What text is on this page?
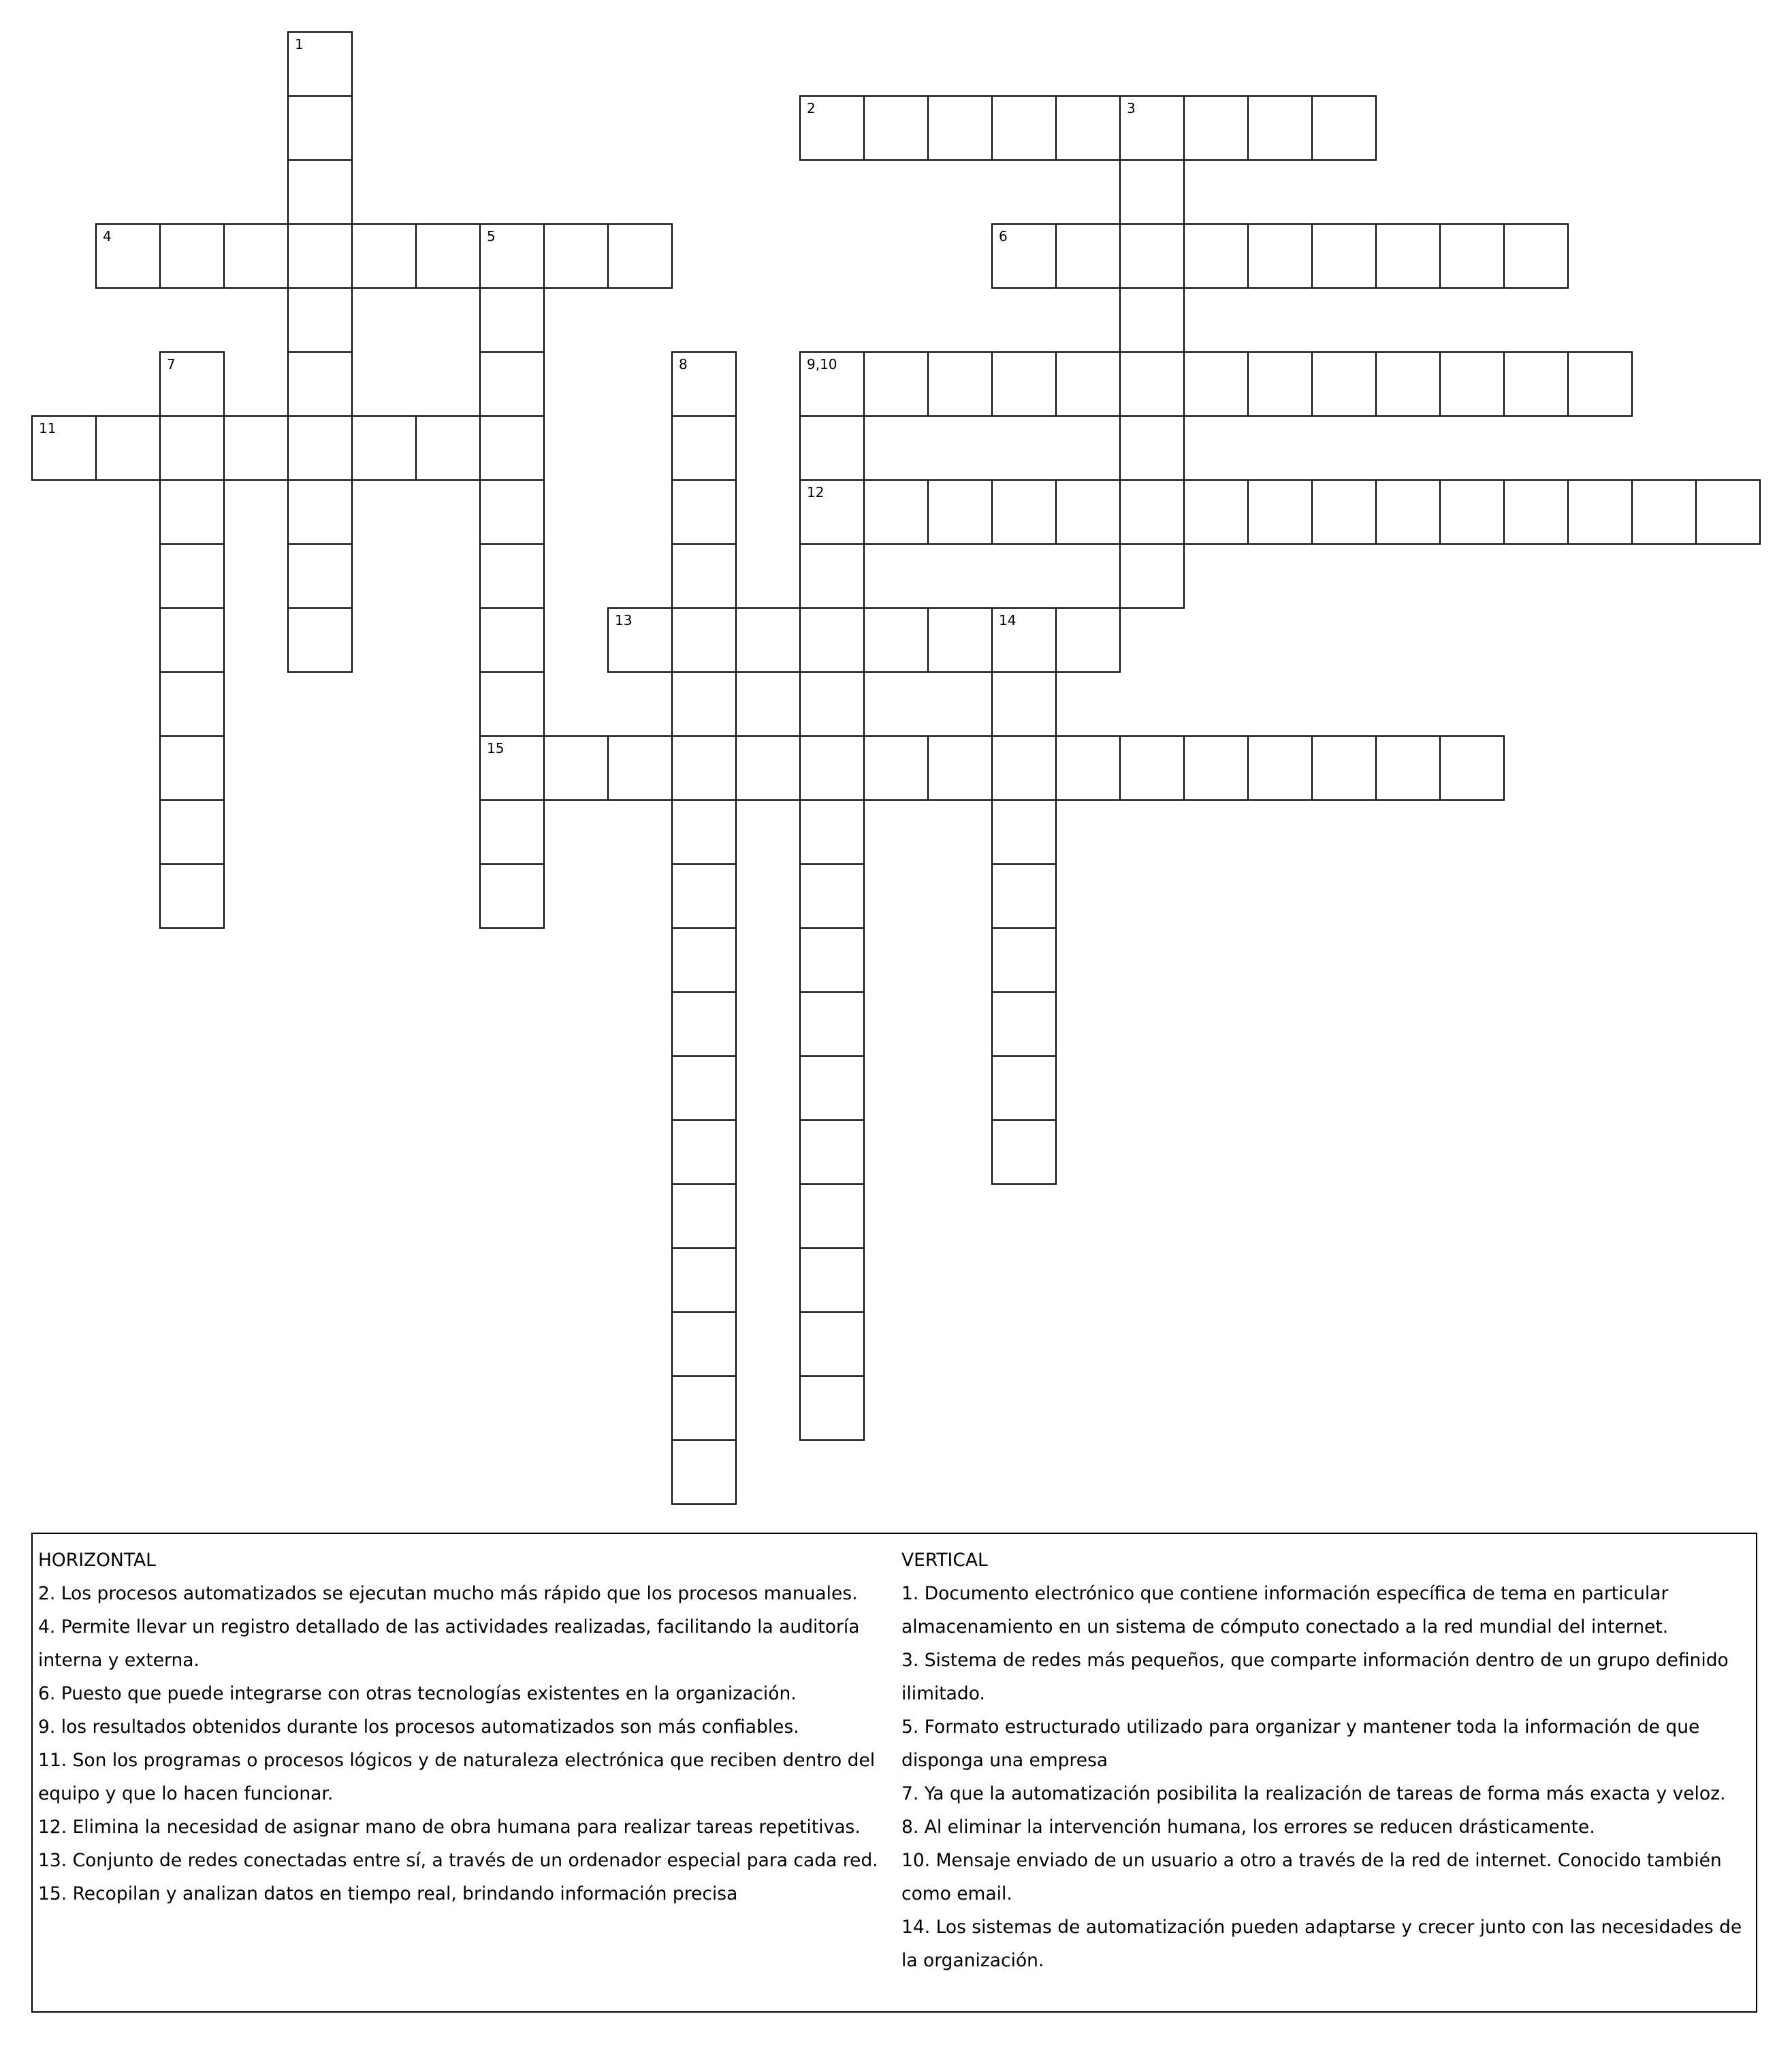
1
2	3
4	5
15
6
7	8	9,10
12
11
13	14

HORIZONTAL

2. Los procesos automatizados se ejecutan mucho más rápido que los procesos manuales.

4. Permite llevar un registro detallado de las actividades realizadas, facilitando la auditoría interna y externa.

6. Puesto que puede integrarse con otras tecnologías existentes en la organización.

9. los resultados obtenidos durante los procesos automatizados son más confiables.

11. Son los programas o procesos lógicos y de naturaleza electrónica que reciben dentro del equipo y que lo hacen funcionar.

12. Elimina la necesidad de asignar mano de obra humana para realizar tareas repetitivas.

13. Conjunto de redes conectadas entre sí, a través de un ordenador especial para cada red.

15. Recopilan y analizan datos en tiempo real, brindando información precisa

VERTICAL

1. Documento electrónico que contiene información específica de tema en particular almacenamiento en un sistema de cómputo conectado a la red mundial del internet.

3. Sistema de redes más pequeños, que comparte información dentro de un grupo definido ilimitado.

5. Formato estructurado utilizado para organizar y mantener toda la información de que disponga una empresa

7. Ya que la automatización posibilita la realización de tareas de forma más exacta y veloz.

8. Al eliminar la intervención humana, los errores se reducen drásticamente.

10. Mensaje enviado de un usuario a otro a través de la red de internet. Conocido también como email.

14. Los sistemas de automatización pueden adaptarse y crecer junto con las necesidades de la organización.
